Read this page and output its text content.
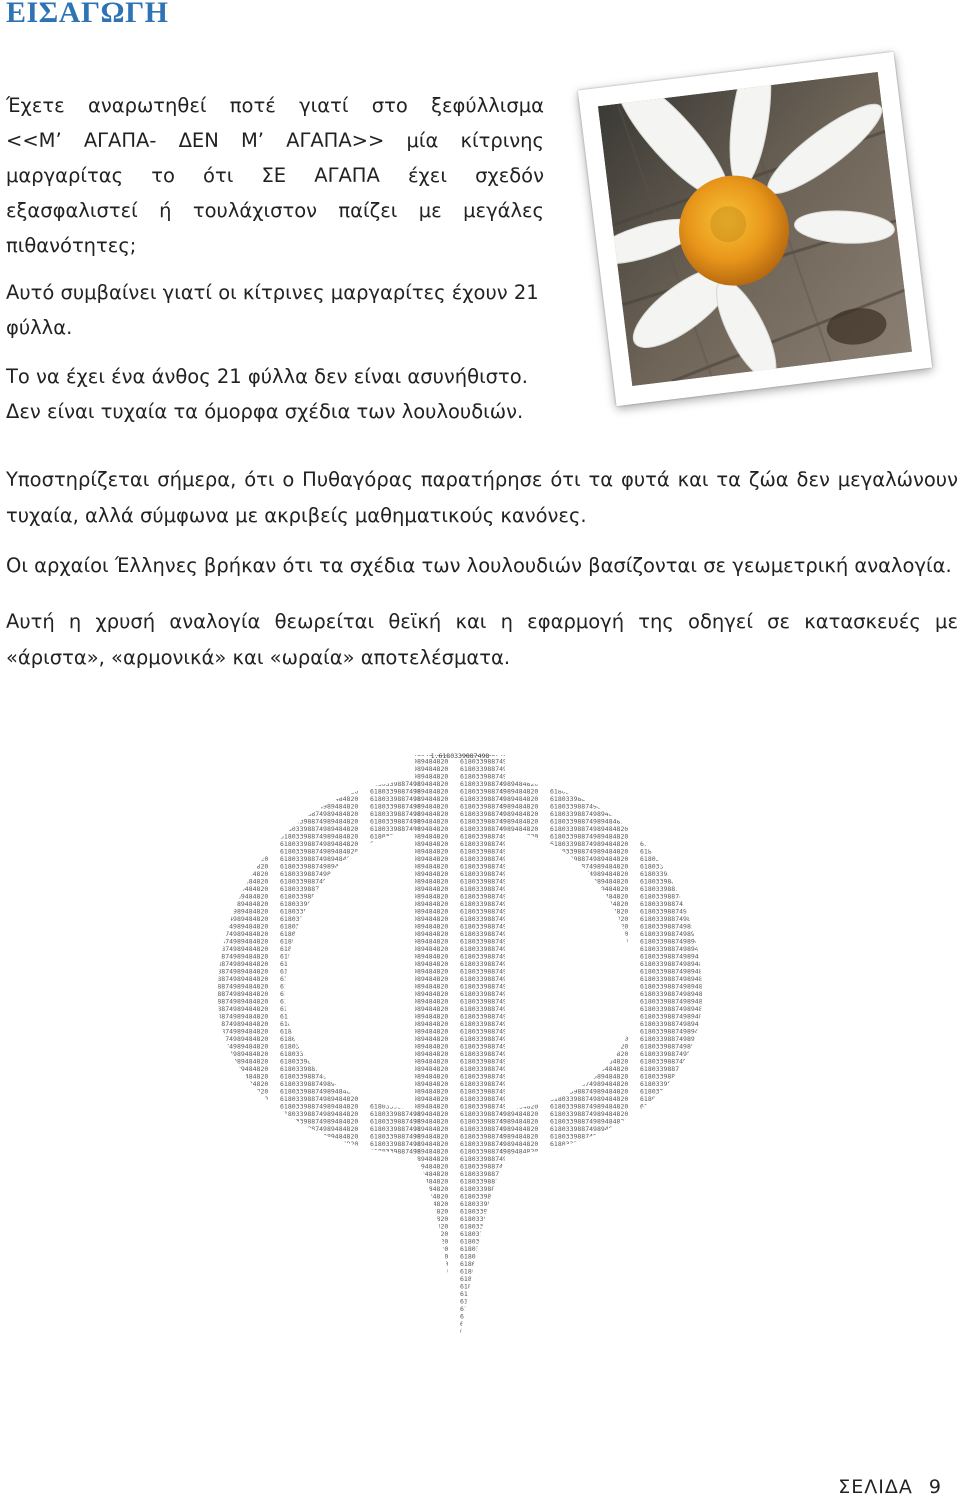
ΕΙΣΑΓΩΓΗ

Έχετε αναρωτηθεί ποτέ γιατί στο ξεφύλλισμα
<<Μ’ ΑΓΑΠΑ- ΔΕΝ Μ’ ΑΓΑΠΑ>> μία κίτρινης
μαργαρίτας το ότι ΣΕ ΑΓΑΠΑ έχει σχεδόν
εξασφαλιστεί ή τουλάχιστον παίζει με μεγάλες
πιθανότητες;

Αυτό συμβαίνει γιατί οι κίτρινες μαργαρίτες έχουν 21
φύλλα.

Το να έχει ένα άνθος 21 φύλλα δεν είναι ασυνήθιστο.
Δεν είναι τυχαία τα όμορφα σχέδια των λουλουδιών.

Υποστηρίζεται σήμερα, ότι ο Πυθαγόρας παρατήρησε ότι τα φυτά και τα ζώα δεν μεγαλώνουν τυχαία, αλλά σύμφωνα με ακριβείς μαθηματικούς κανόνες.

Οι αρχαίοι Έλληνες βρήκαν ότι τα σχέδια των λουλουδιών βασίζονται σε γεωμετρική αναλογία.

Αυτή η χρυσή αναλογία θεωρείται θεϊκή και η εφαρμογή της οδηγεί σε κατασκευές με «άριστα», «αρμονικά» και «ωραία» αποτελέσματα.

1.6180339887498
ΣΕΛΙΔΑ 9
